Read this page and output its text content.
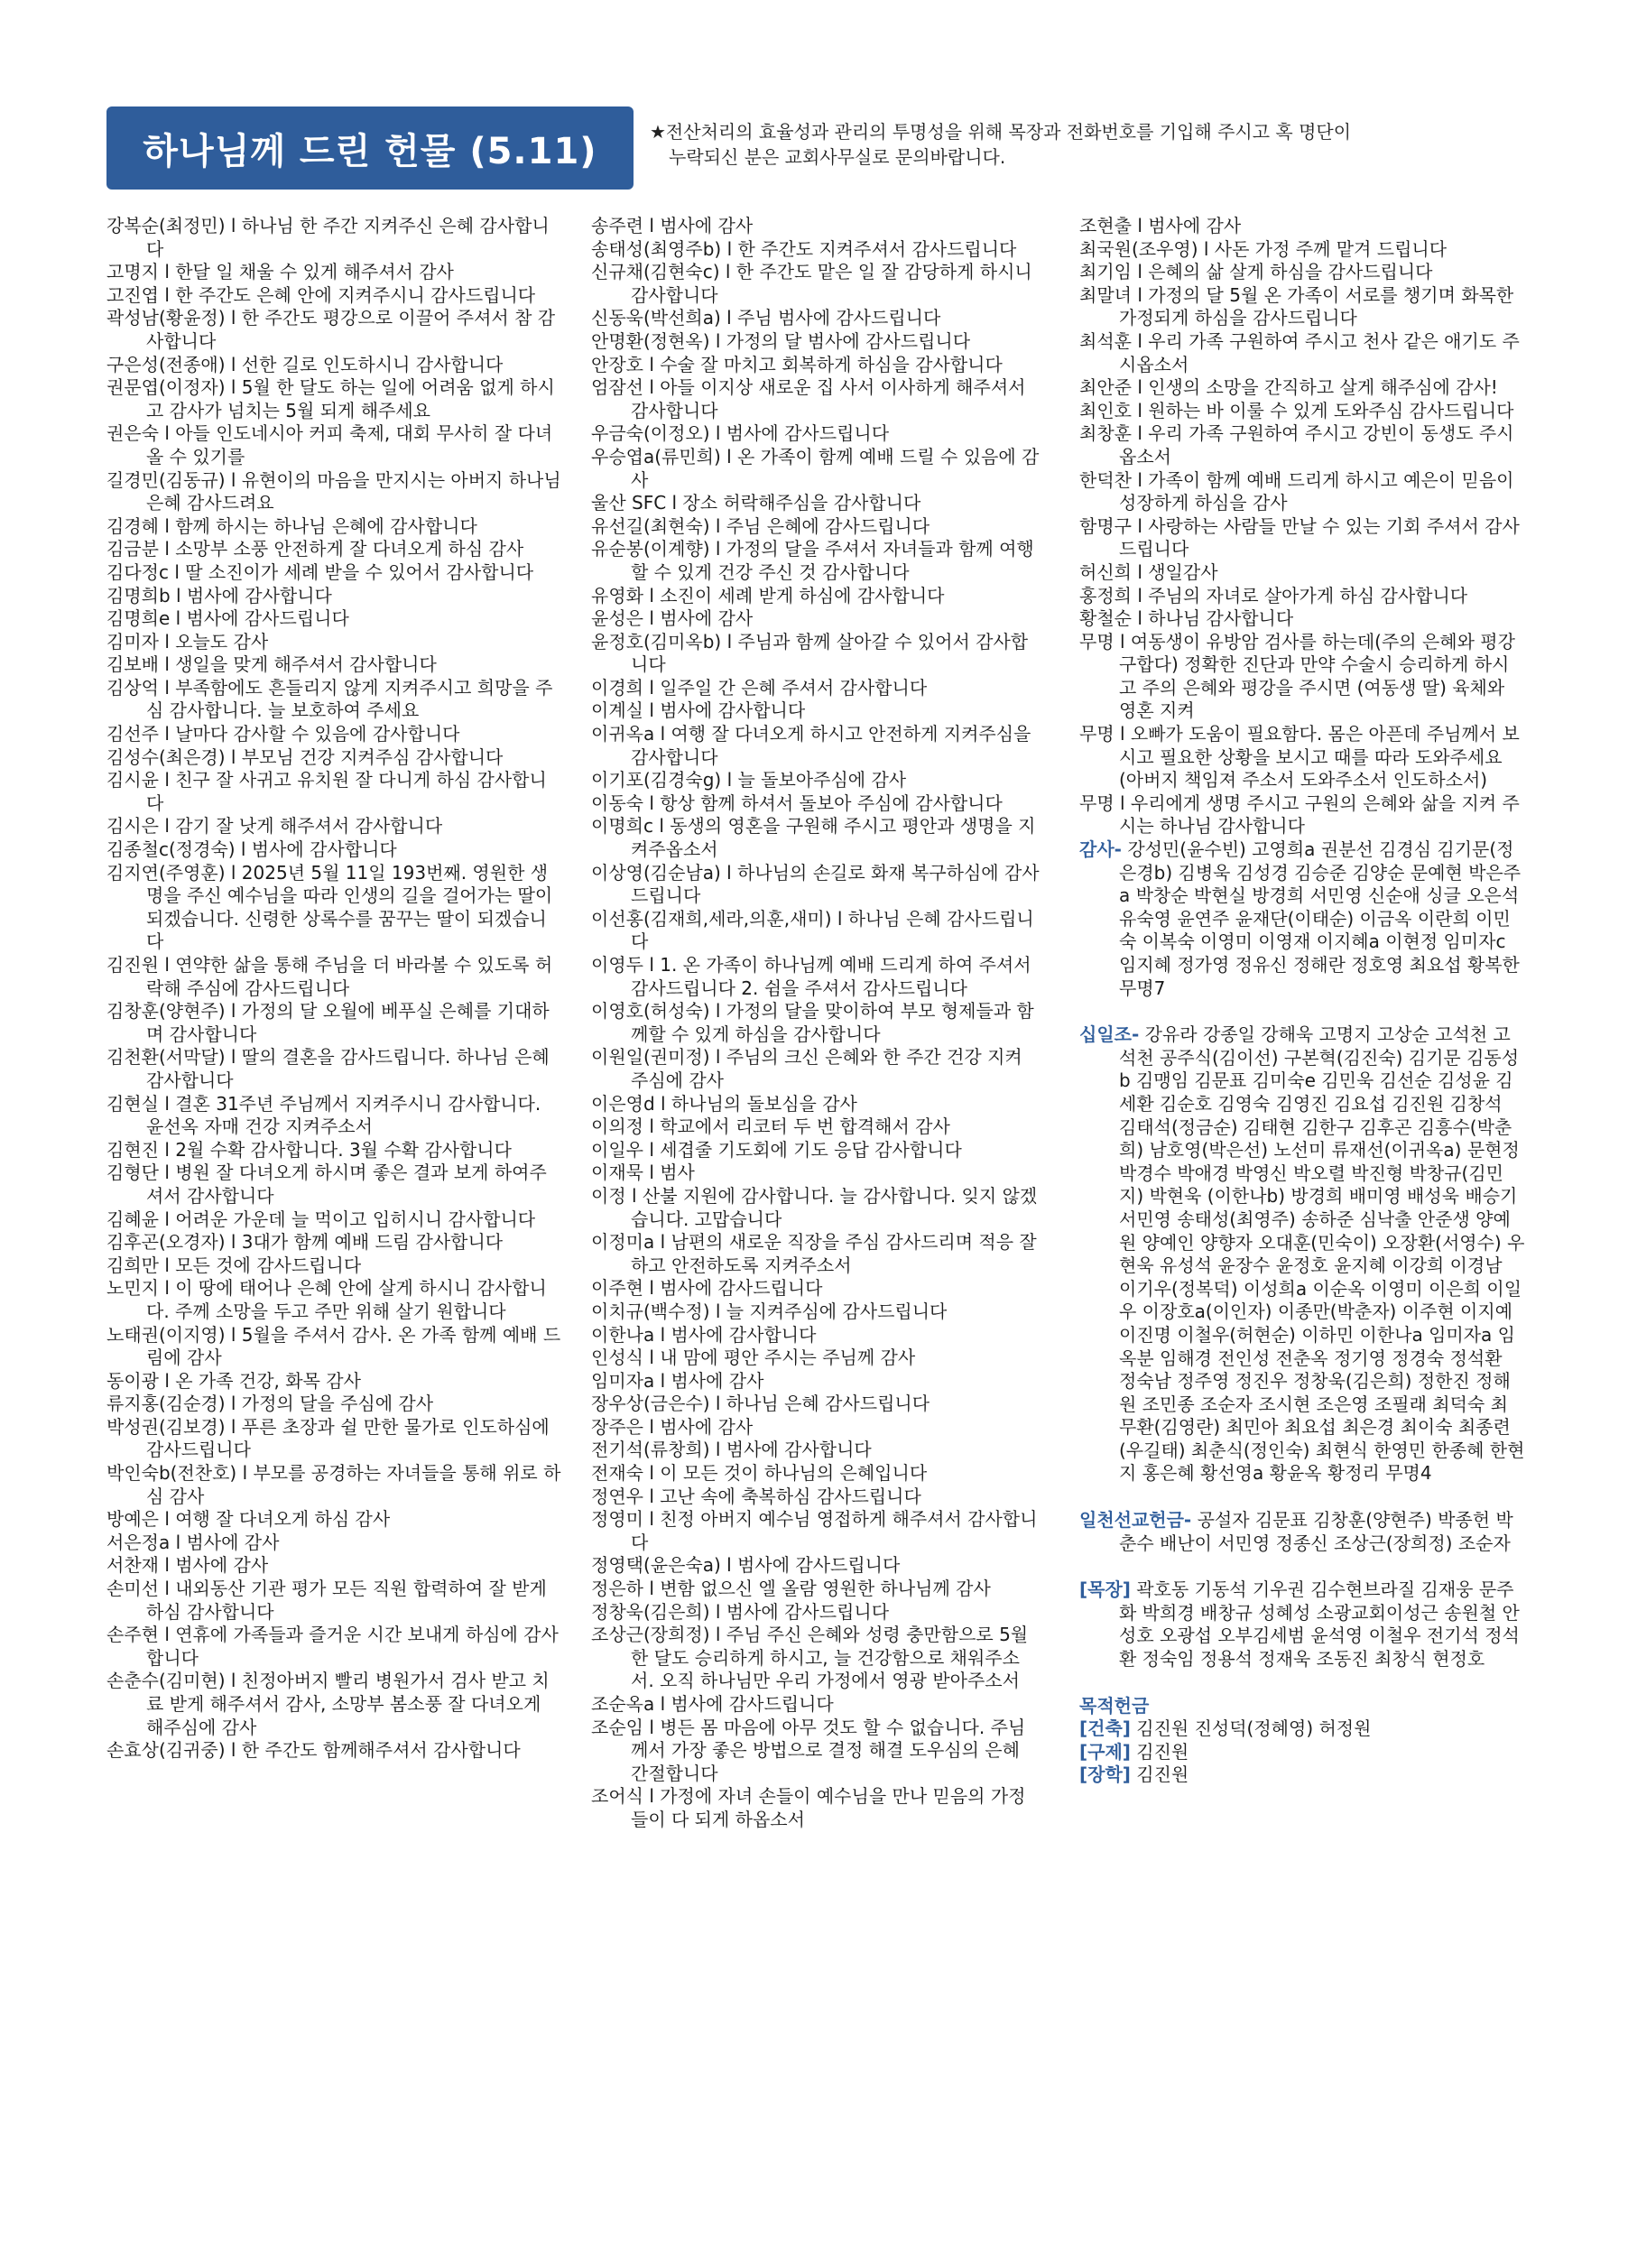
하나님께 드린 헌물 (5.11)	★전산처리의 효율성과 관리의 투명성을 위해 목장과 전화번호를 기입해 주시고 혹 명단이
누락되신 분은 교회사무실로 문의바랍니다.
강복순(최정민) l 하나님 한 주간 지켜주신 은혜 감사합니다
고명지 l 한달 일 채울 수 있게 해주셔서 감사
고진엽 l 한 주간도 은혜 안에 지켜주시니 감사드립니다
곽성남(황윤정) l 한 주간도 평강으로 이끌어 주셔서 참 감사합니다
구은성(전종애) l 선한 길로 인도하시니 감사합니다
권문엽(이정자) l 5월 한 달도 하는 일에 어려움 없게 하시고 감사가 넘치는 5월 되게 해주세요
권은숙 l 아들 인도네시아 커피 축제, 대회 무사히 잘 다녀올 수 있기를
길경민(김동규) l 유현이의 마음을 만지시는 아버지 하나님 은혜 감사드려요
김경혜 l 함께 하시는 하나님 은혜에 감사합니다
김금분 l 소망부 소풍 안전하게 잘 다녀오게 하심 감사
김다정c l 딸 소진이가 세례 받을 수 있어서 감사합니다
김명희b l 범사에 감사합니다
김명희e l 범사에 감사드립니다
김미자 l 오늘도 감사
김보배 l 생일을 맞게 해주셔서 감사합니다
김상억 l 부족함에도 흔들리지 않게 지켜주시고 희망을 주심 감사합니다. 늘 보호하여 주세요
김선주 l 날마다 감사할 수 있음에 감사합니다
김성수(최은경) l 부모님 건강 지켜주심 감사합니다
김시윤 l 친구 잘 사귀고 유치원 잘 다니게 하심 감사합니다
김시은 l 감기 잘 낫게 해주셔서 감사합니다
김종철c(정경숙) l 범사에 감사합니다
김지연(주영훈) l 2025년 5월 11일 193번째. 영원한 생명을 주신 예수님을 따라 인생의 길을 걸어가는 딸이 되겠습니다. 신령한 상록수를 꿈꾸는 딸이 되겠습니다
김진원 l 연약한 삶을 통해 주님을 더 바라볼 수 있도록 허락해 주심에 감사드립니다
김창훈(양현주) l 가정의 달 오월에 베푸실 은혜를 기대하며 감사합니다
김천환(서막달) l 딸의 결혼을 감사드립니다. 하나님 은혜 감사합니다
김현실 l 결혼 31주년 주님께서 지켜주시니 감사합니다. 윤선옥 자매 건강 지켜주소서
김현진 l 2월 수확 감사합니다. 3월 수확 감사합니다
김형단 l 병원 잘 다녀오게 하시며 좋은 결과 보게 하여주셔서 감사합니다
김혜윤 l 어려운 가운데 늘 먹이고 입히시니 감사합니다
김후곤(오경자) l 3대가 함께 예배 드림 감사합니다
김희만 l 모든 것에 감사드립니다
노민지 l 이 땅에 태어나 은혜 안에 살게 하시니 감사합니다. 주께 소망을 두고 주만 위해 살기 원합니다
노태권(이지영) l 5월을 주셔서 감사. 온 가족 함께 예배 드림에 감사
동이광 l 온 가족 건강, 화목 감사
류지홍(김순경) l 가정의 달을 주심에 감사
박성권(김보경) l 푸른 초장과 쉴 만한 물가로 인도하심에 감사드립니다
박인숙b(전찬호) l 부모를 공경하는 자녀들을 통해 위로 하심 감사
방예은 l 여행 잘 다녀오게 하심 감사
서은정a l 범사에 감사
서찬재 l 범사에 감사
손미선 l 내외동산 기관 평가 모든 직원 합력하여 잘 받게 하심 감사합니다
손주현 l 연휴에 가족들과 즐거운 시간 보내게 하심에 감사합니다
손춘수(김미현) l 친정아버지 빨리 병원가서 검사 받고 치료 받게 해주셔서 감사, 소망부 봄소풍 잘 다녀오게 해주심에 감사
손효상(김귀중) l 한 주간도 함께해주셔서 감사합니다
송주련 l 범사에 감사
송태성(최영주b) l 한 주간도 지켜주셔서 감사드립니다
신규채(김현숙c) l 한 주간도 맡은 일 잘 감당하게 하시니 감사합니다
신동욱(박선희a) l 주님 범사에 감사드립니다
안명환(정현옥) l 가정의 달 범사에 감사드립니다
안장호 l 수술 잘 마치고 회복하게 하심을 감사합니다
엄잠선 l 아들 이지상 새로운 집 사서 이사하게 해주셔서 감사합니다
우금숙(이정오) l 범사에 감사드립니다
우승엽a(류민희) l 온 가족이 함께 예배 드릴 수 있음에 감사
울산 SFC l 장소 허락해주심을 감사합니다
유선길(최현숙) l 주님 은혜에 감사드립니다
유순봉(이계향) l 가정의 달을 주셔서 자녀들과 함께 여행할 수 있게 건강 주신 것 감사합니다
유영화 l 소진이 세례 받게 하심에 감사합니다
윤성은 l 범사에 감사
윤정호(김미옥b) l 주님과 함께 살아갈 수 있어서 감사합니다
이경희 l 일주일 간 은혜 주셔서 감사합니다
이계실 l 범사에 감사합니다
이귀옥a l 여행 잘 다녀오게 하시고 안전하게 지켜주심을 감사합니다
이기포(김경숙g) l 늘 돌보아주심에 감사
이동숙 l 항상 함께 하셔서 돌보아 주심에 감사합니다
이명희c l 동생의 영혼을 구원해 주시고 평안과 생명을 지켜주옵소서
이상영(김순남a) l 하나님의 손길로 화재 복구하심에 감사드립니다
이선홍(김재희,세라,의훈,새미) l 하나님 은혜 감사드립니다
이영두 l 1. 온 가족이 하나님께 예배 드리게 하여 주셔서 감사드립니다 2. 쉼을 주셔서 감사드립니다
이영호(허성숙) l 가정의 달을 맞이하여 부모 형제들과 함께할 수 있게 하심을 감사합니다
이원일(권미정) l 주님의 크신 은혜와 한 주간 건강 지켜 주심에 감사
이은영d l 하나님의 돌보심을 감사
이의정 l 학교에서 리코터 두 번 합격해서 감사
이일우 l 세겹줄 기도회에 기도 응답 감사합니다
이재묵 l 범사
이정 l 산불 지원에 감사합니다. 늘 감사합니다. 잊지 않겠습니다. 고맙습니다
이정미a l 남편의 새로운 직장을 주심 감사드리며 적응 잘하고 안전하도록 지켜주소서
이주현 l 범사에 감사드립니다
이치규(백수정) l 늘 지켜주심에 감사드립니다
이한나a l 범사에 감사합니다
인성식 l 내 맘에 평안 주시는 주님께 감사
임미자a l 범사에 감사
장우상(금은수) l 하나님 은혜 감사드립니다
장주은 l 범사에 감사
전기석(류창희) l 범사에 감사합니다
전재숙 l 이 모든 것이 하나님의 은혜입니다
정연우 l 고난 속에 축복하심 감사드립니다
정영미 l 친정 아버지 예수님 영접하게 해주셔서 감사합니다
정영택(윤은숙a) l 범사에 감사드립니다
정은하 l 변함 없으신 엘 올람 영원한 하나님께 감사
정창욱(김은희) l 범사에 감사드립니다
조상근(장희정) l 주님 주신 은혜와 성령 충만함으로 5월 한 달도 승리하게 하시고, 늘 건강함으로 채워주소서. 오직 하나님만 우리 가정에서 영광 받아주소서
조순옥a l 범사에 감사드립니다
조순임 l 병든 몸 마음에 아무 것도 할 수 없습니다. 주님께서 가장 좋은 방법으로 결정 해결 도우심의 은혜 간절합니다
조어식 l 가정에 자녀 손들이 예수님을 만나 믿음의 가정들이 다 되게 하옵소서
조현출 l 범사에 감사
최국원(조우영) l 사돈 가정 주께 맡겨 드립니다
최기임 l 은혜의 삶 살게 하심을 감사드립니다
최말녀 l 가정의 달 5월 온 가족이 서로를 챙기며 화목한 가정되게 하심을 감사드립니다
최석훈 l 우리 가족 구원하여 주시고 천사 같은 애기도 주시옵소서
최안준 l 인생의 소망을 간직하고 살게 해주심에 감사!
최인호 l 원하는 바 이룰 수 있게 도와주심 감사드립니다
최창훈 l 우리 가족 구원하여 주시고 강빈이 동생도 주시옵소서
한덕찬 l 가족이 함께 예배 드리게 하시고 예은이 믿음이 성장하게 하심을 감사
함명구 l 사랑하는 사람들 만날 수 있는 기회 주셔서 감사드립니다
허신희 l 생일감사
홍정희 l 주님의 자녀로 살아가게 하심 감사합니다
황철순 l 하나님 감사합니다
무명 l 여동생이 유방암 검사를 하는데(주의 은혜와 평강 구합다) 정확한 진단과 만약 수술시 승리하게 하시고 주의 은혜와 평강을 주시면 (여동생 딸) 육체와 영혼 지켜
무명 l 오빠가 도움이 필요함다. 몸은 아픈데 주님께서 보시고 필요한 상황을 보시고 때를 따라 도와주세요 (아버지 책임져 주소서 도와주소서 인도하소서)
무명 l 우리에게 생명 주시고 구원의 은혜와 삶을 지켜 주시는 하나님 감사합니다
감사- 강성민(윤수빈) 고영희a 권분선 김경심 김기문(정은경b) 김병욱 김성경 김승준 김양순 문예현 박은주a 박창순 박현실 방경희 서민영 신순애 싱글 오은석 유숙영 윤연주 윤재단(이태순) 이금옥 이란희 이민숙 이복숙 이영미 이영재 이지혜a 이현정 임미자c 임지혜 정가영 정유신 정해란 정호영 최요섭 황복한 무명7
십일조- 강유라 강종일 강해욱 고명지 고상순 고석천 고석천 공주식(김이선) 구본혁(김진숙) 김기문 김동성b 김맹임 김문표 김미숙e 김민욱 김선순 김성윤 김세환 김순호 김영숙 김영진 김요섭 김진원 김창석 김태석(정금순) 김태현 김한구 김후곤 김흥수(박춘희) 남호영(박은선) 노선미 류재선(이귀옥a) 문현정 박경수 박애경 박영신 박오렬 박진형 박창규(김민지) 박현욱 (이한나b) 방경희 배미영 배성욱 배승기 서민영 송태성(최영주) 송하준 심낙출 안준생 양예원 양예인 양향자 오대훈(민숙이) 오장환(서영수) 우현욱 유성석 윤장수 윤정호 윤지혜 이강희 이경남 이기우(정복덕) 이성희a 이순옥 이영미 이은희 이일우 이장호a(이인자) 이종만(박춘자) 이주현 이지예 이진명 이철우(허현순) 이하민 이한나a 임미자a 임옥분 임해경 전인성 전춘옥 정기영 정경숙 정석환 정숙남 정주영 정진우 정창욱(김은희) 정한진 정해원 조민종 조순자 조시현 조은영 조필래 최덕숙 최무환(김영란) 최민아 최요섭 최은경 최이숙 최종련(우길태) 최춘식(정인숙) 최현식 한영민 한종혜 한현지 홍은혜 황선영a 황윤옥 황정리 무명4
일천선교헌금- 공설자 김문표 김창훈(양현주) 박종헌 박춘수 배난이 서민영 정종신 조상근(장희정) 조순자
[목장] 곽호동 기동석 기우권 김수현브라질 김재웅 문주화 박희경 배창규 성혜성 소광교회이성근 송원철 안성호 오광섭 오부김세범 윤석영 이철우 전기석 정석환 정숙임 정용석 정재욱 조동진 최창식 현정호
목적헌금
[건축] 김진원 진성덕(정혜영) 허정원
[구제] 김진원
[장학] 김진원
